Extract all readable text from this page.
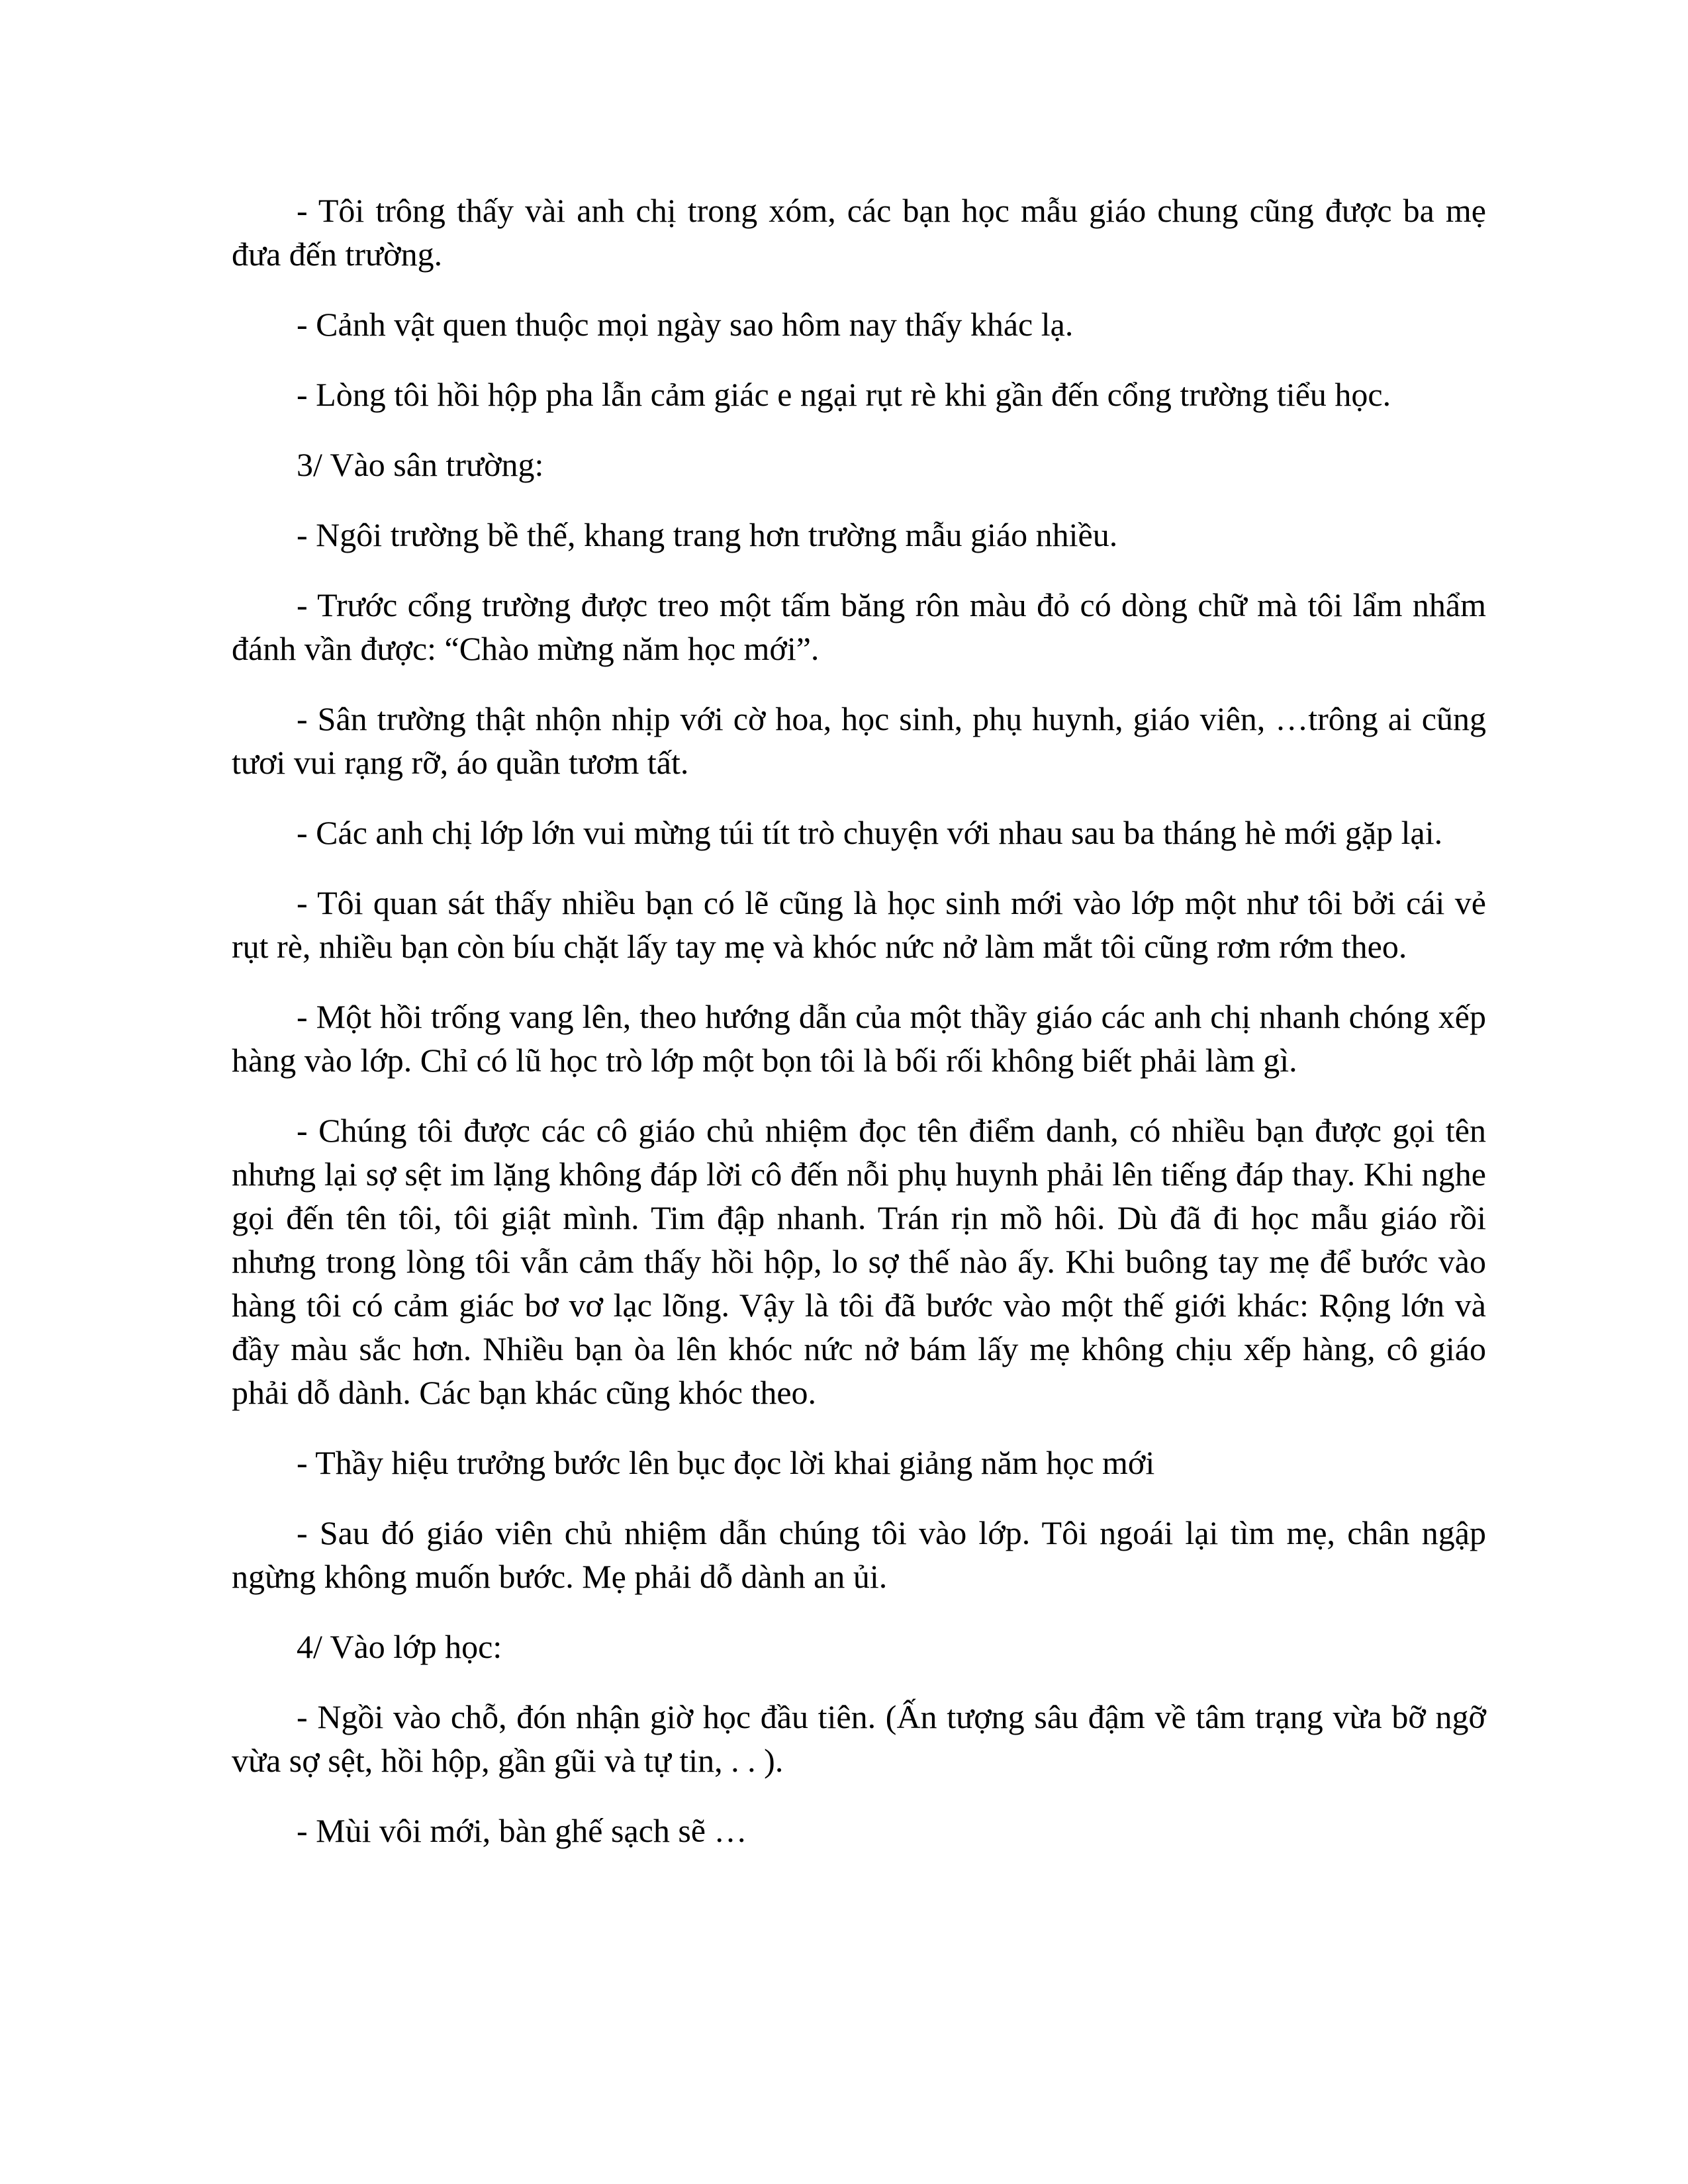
- Tôi trông thấy vài anh chị trong xóm, các bạn học mẫu giáo chung cũng được ba mẹ đưa đến trường.

- Cảnh vật quen thuộc mọi ngày sao hôm nay thấy khác lạ.

- Lòng tôi hồi hộp pha lẫn cảm giác e ngại rụt rè khi gần đến cổng trường tiểu học.

3/ Vào sân trường:

- Ngôi trường bề thế, khang trang hơn trường mẫu giáo nhiều.

- Trước cổng trường được treo một tấm băng rôn màu đỏ có dòng chữ mà tôi lẩm nhẩm đánh vần được: “Chào mừng năm học mới”.

- Sân trường thật nhộn nhịp với cờ hoa, học sinh, phụ huynh, giáo viên, …trông ai cũng tươi vui rạng rỡ, áo quần tươm tất.

- Các anh chị lớp lớn vui mừng túi tít trò chuyện với nhau sau ba tháng hè mới gặp lại.

- Tôi quan sát thấy nhiều bạn có lẽ cũng là học sinh mới vào lớp một như tôi bởi cái vẻ rụt rè, nhiều bạn còn bíu chặt lấy tay mẹ và khóc nức nở làm mắt tôi cũng rơm rớm theo.

- Một hồi trống vang lên, theo hướng dẫn của một thầy giáo các anh chị nhanh chóng xếp hàng vào lớp. Chỉ có lũ học trò lớp một bọn tôi là bối rối không biết phải làm gì.

- Chúng tôi được các cô giáo chủ nhiệm đọc tên điểm danh, có nhiều bạn được gọi tên nhưng lại sợ sệt im lặng không đáp lời cô đến nỗi phụ huynh phải lên tiếng đáp thay. Khi nghe gọi đến tên tôi, tôi giật mình. Tim đập nhanh. Trán rịn mồ hôi. Dù đã đi học mẫu giáo rồi nhưng trong lòng tôi vẫn cảm thấy hồi hộp, lo sợ thế nào ấy. Khi buông tay mẹ để bước vào hàng tôi có cảm giác bơ vơ lạc lõng. Vậy là tôi đã bước vào một thế giới khác: Rộng lớn và đầy màu sắc hơn. Nhiều bạn òa lên khóc nức nở bám lấy mẹ không chịu xếp hàng, cô giáo phải dỗ dành. Các bạn khác cũng khóc theo.

- Thầy hiệu trưởng bước lên bục đọc lời khai giảng năm học mới

- Sau đó giáo viên chủ nhiệm dẫn chúng tôi vào lớp. Tôi ngoái lại tìm mẹ, chân ngập ngừng không muốn bước. Mẹ phải dỗ dành an ủi.

4/ Vào lớp học:

- Ngồi vào chỗ, đón nhận giờ học đầu tiên. (Ấn tượng sâu đậm về tâm trạng vừa bỡ ngỡ vừa sợ sệt, hồi hộp, gần gũi và tự tin, . . ).

- Mùi vôi mới, bàn ghế sạch sẽ …
